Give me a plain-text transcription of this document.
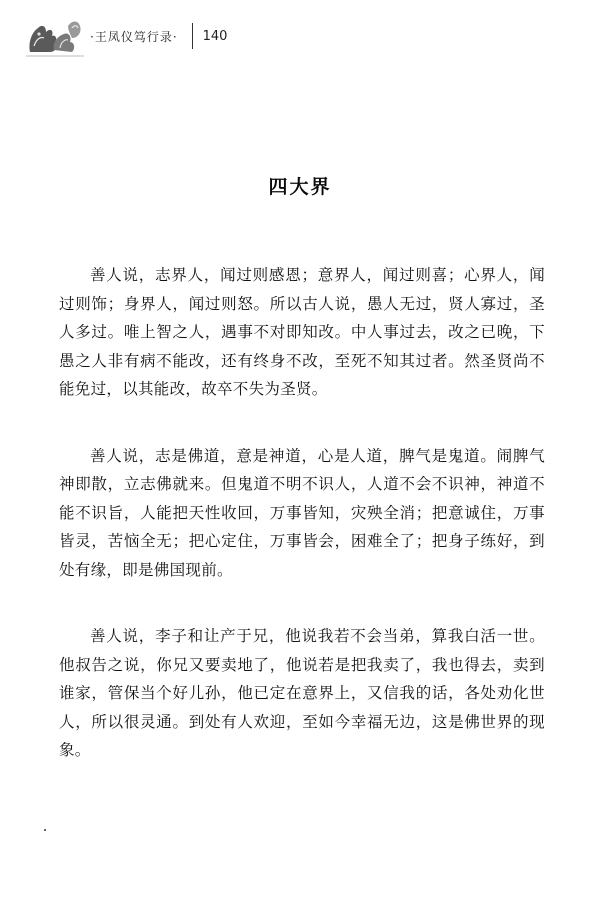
·王凤仪笃行录· 140
四大界

善人说，志界人，闻过则感恩；意界人，闻过则喜；心界人，闻过则饰；身界人，闻过则怒。所以古人说，愚人无过，贤人寡过，圣人多过。唯上智之人，遇事不对即知改。中人事过去，改之已晚，下愚之人非有病不能改，还有终身不改，至死不知其过者。然圣贤尚不能免过，以其能改，故卒不失为圣贤。

善人说，志是佛道，意是神道，心是人道，脾气是鬼道。闹脾气神即散，立志佛就来。但鬼道不明不识人，人道不会不识神，神道不能不识旨，人能把天性收回，万事皆知，灾殃全消；把意诚住，万事皆灵，苦恼全无；把心定住，万事皆会，困难全了；把身子练好，到处有缘，即是佛国现前。

善人说，李子和让产于兄，他说我若不会当弟，算我白活一世。他叔告之说，你兄又要卖地了，他说若是把我卖了，我也得去，卖到谁家，管保当个好儿孙，他已定在意界上，又信我的话，各处劝化世人，所以很灵通。到处有人欢迎，至如今幸福无边，这是佛世界的现象。
